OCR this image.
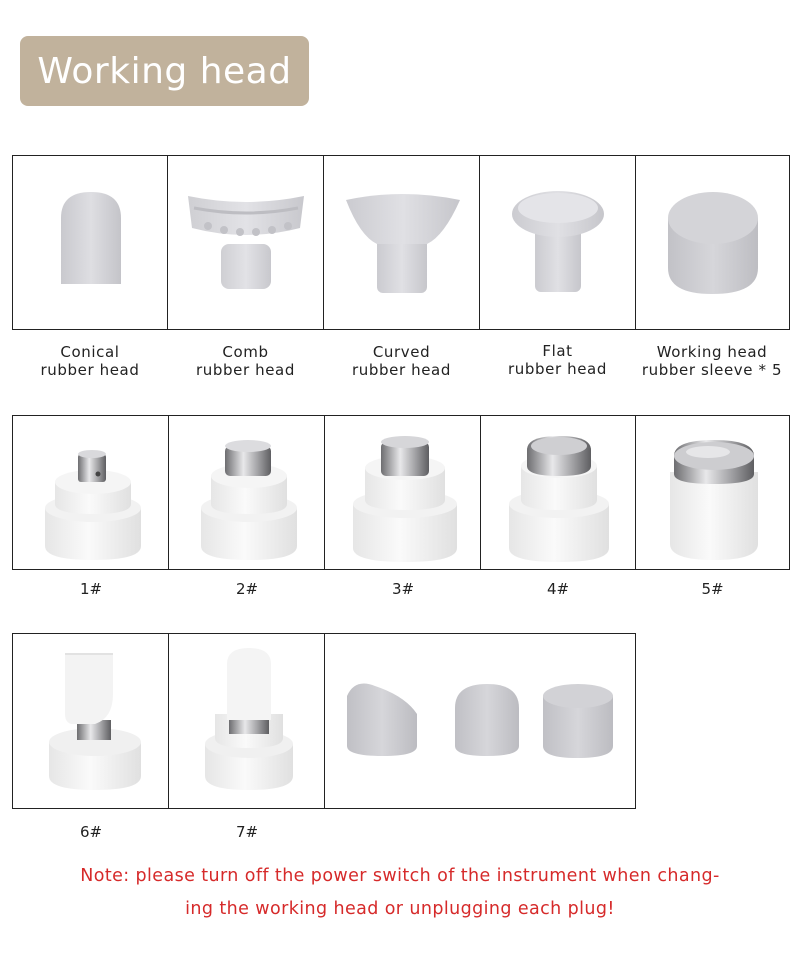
Working head
Conical
rubber head
Comb
rubber head
Curved
rubber head
Flat
rubber head
Working head
rubber sleeve * 5
1#	2#	3#	4#	5#
6#	7#
Note: please turn off the power switch of the instrument when chang-
ing the working head or unplugging each plug!
